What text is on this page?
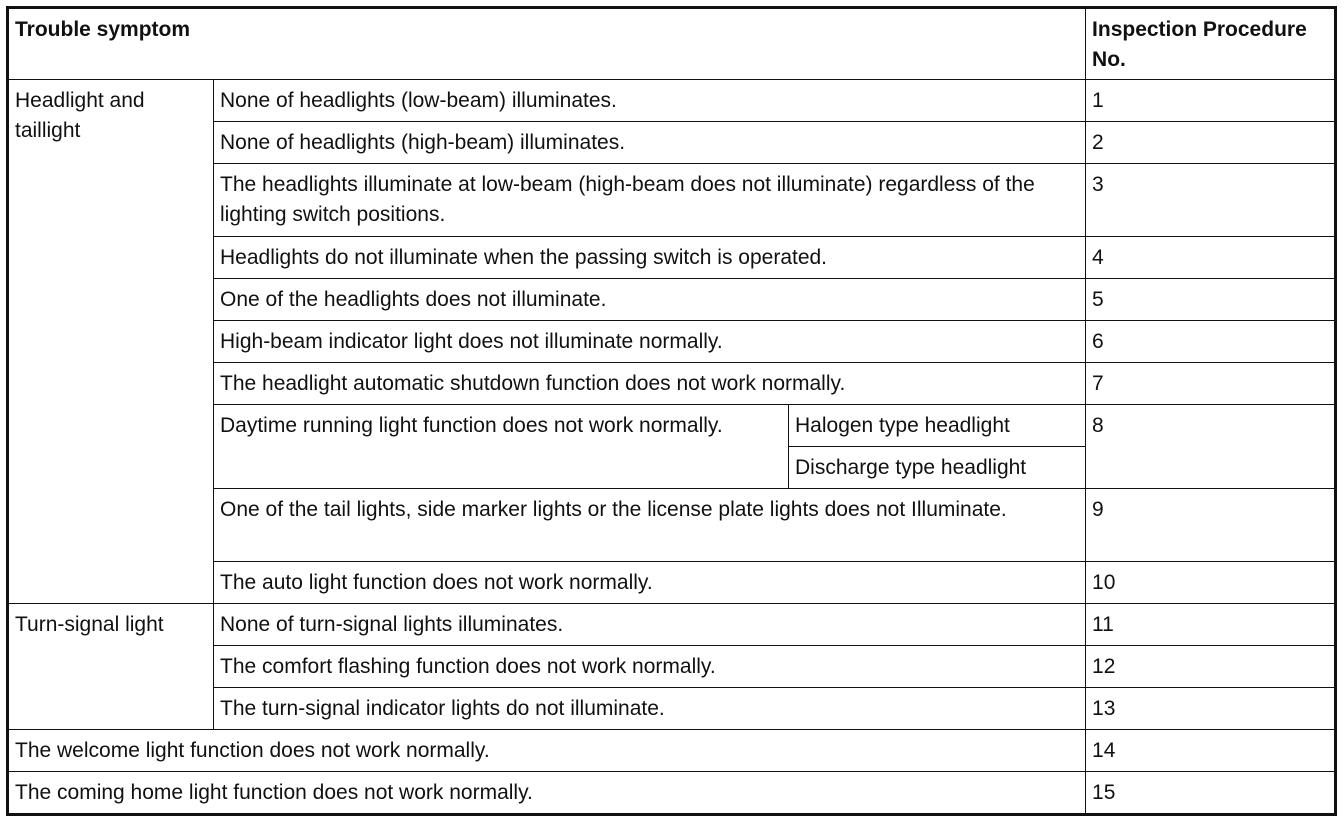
Trouble symptom			Inspection Procedure No.
Headlight and taillight	None of headlights (low-beam) illuminates.		1
	None of headlights (high-beam) illuminates.		2
	The headlights illuminate at low-beam (high-beam does not illuminate) regardless of the lighting switch positions.		3
	Headlights do not illuminate when the passing switch is operated.		4
	One of the headlights does not illuminate.		5
	High-beam indicator light does not illuminate normally.		6
	The headlight automatic shutdown function does not work normally.		7
	Daytime running light function does not work normally.	Halogen type headlight	8
		Discharge type headlight	
	One of the tail lights, side marker lights or the license plate lights does not Illuminate.		9
	The auto light function does not work normally.		10
Turn-signal light	None of turn-signal lights illuminates.		11
	The comfort flashing function does not work normally.		12
	The turn-signal indicator lights do not illuminate.		13
The welcome light function does not work normally.			14
The coming home light function does not work normally.			15
